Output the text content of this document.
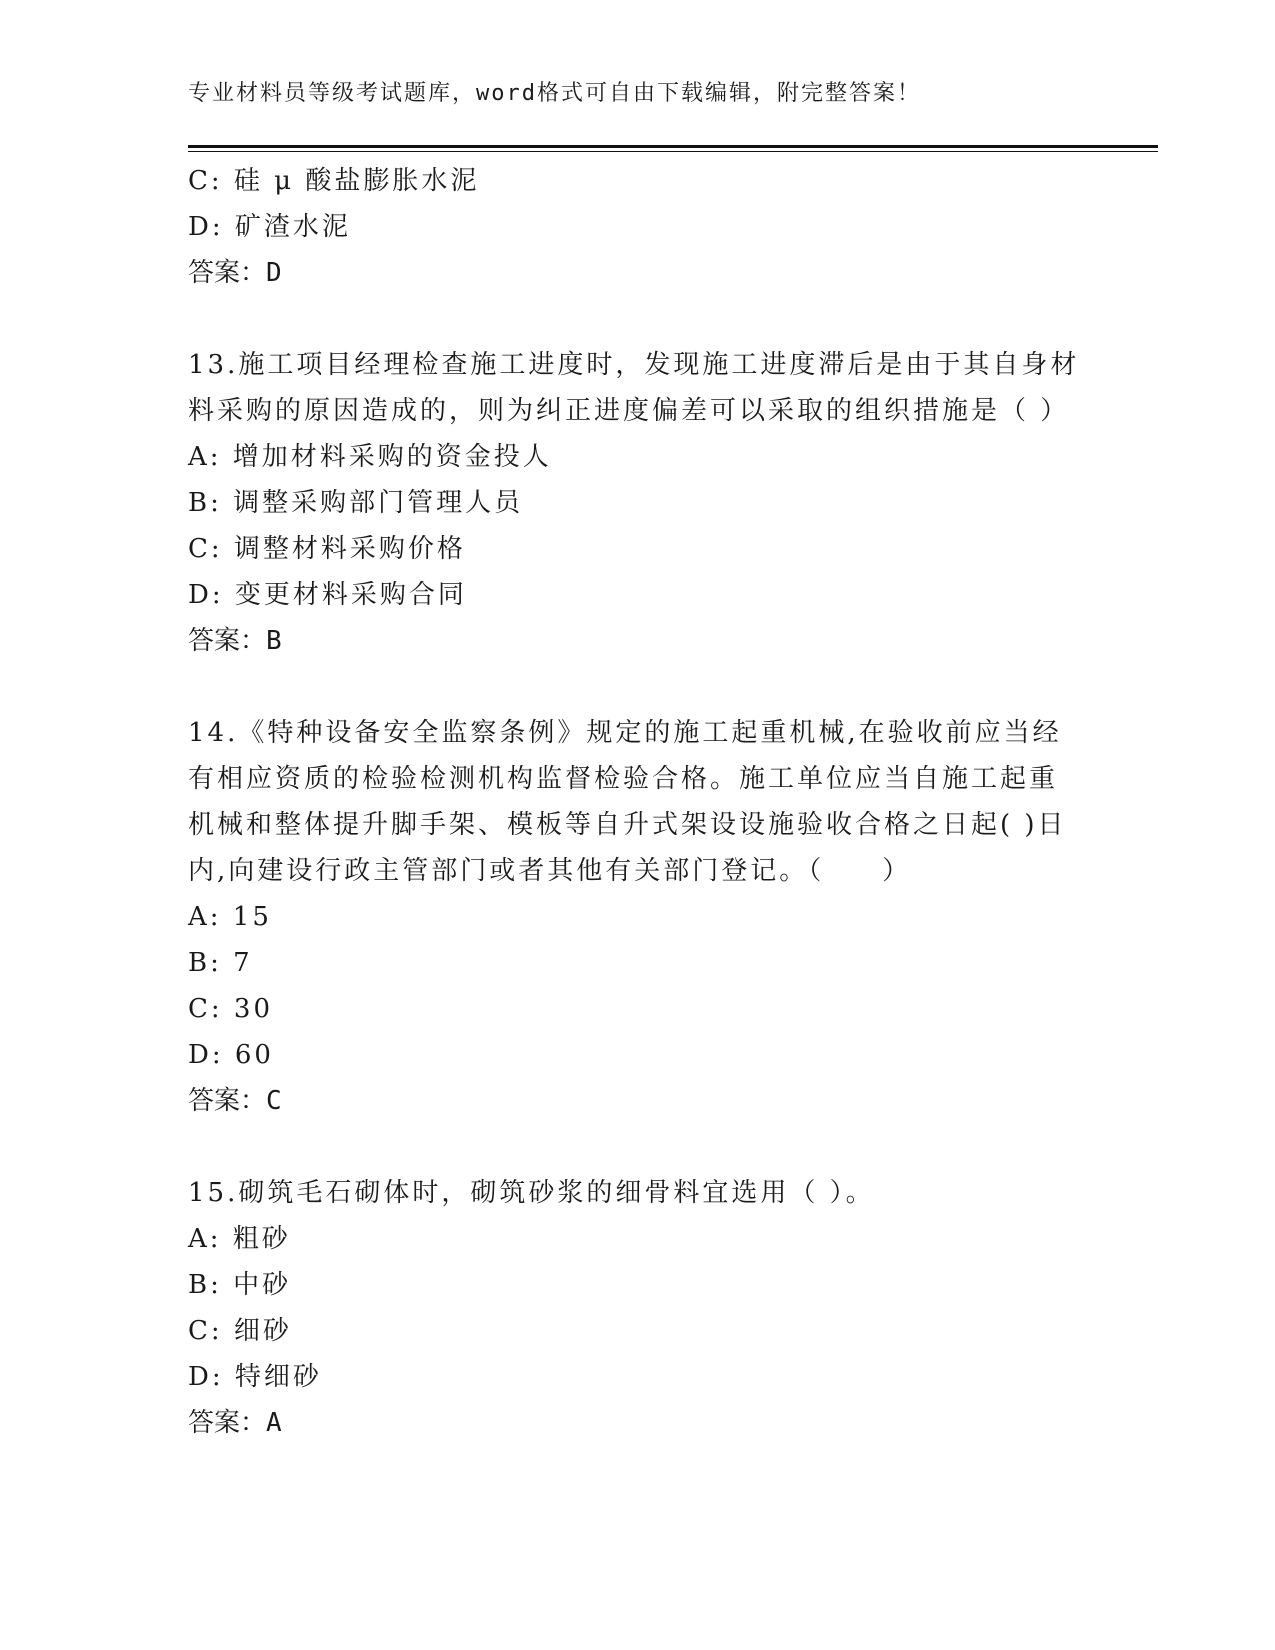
专业材料员等级考试题库，word格式可自由下载编辑，附完整答案！
C: 硅 μ 酸盐膨胀水泥
D: 矿渣水泥
答案：D
13.施工项目经理检查施工进度时，发现施工进度滞后是由于其自身材
料采购的原因造成的，则为纠正进度偏差可以采取的组织措施是（ ）
A: 增加材料采购的资金投人
B: 调整采购部门管理人员
C: 调整材料采购价格
D: 变更材料采购合同
答案：B
14.《特种设备安全监察条例》规定的施工起重机械,在验收前应当经
有相应资质的检验检测机构监督检验合格。施工单位应当自施工起重
机械和整体提升脚手架、模板等自升式架设设施验收合格之日起( )日
内,向建设行政主管部门或者其他有关部门登记。（　　）
A: 15
B: 7
C: 30
D: 60
答案：C
15.砌筑毛石砌体时，砌筑砂浆的细骨料宜选用（ ）。
A: 粗砂
B: 中砂
C: 细砂
D: 特细砂
答案：A
